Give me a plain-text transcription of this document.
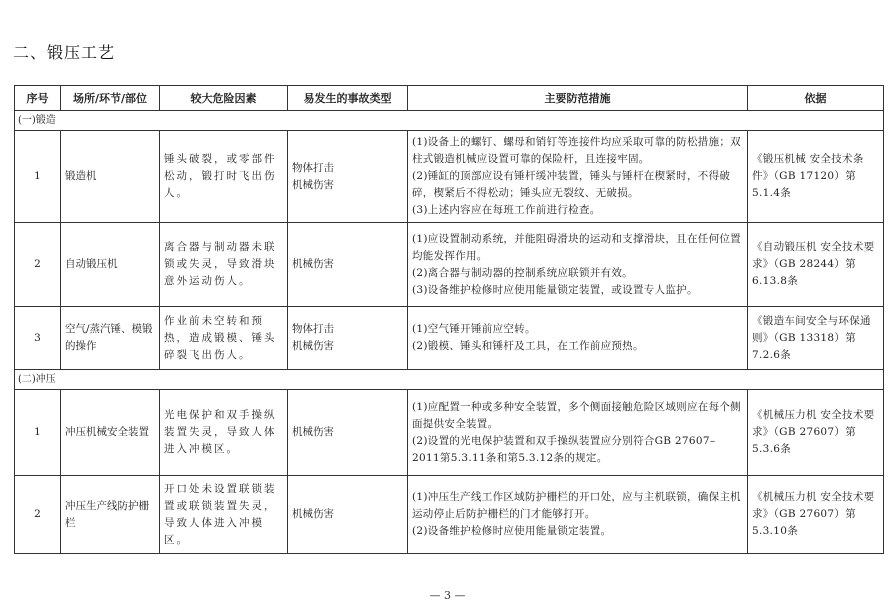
二、锻压工艺
序号	场所/环节/部位	较大危险因素	易发生的事故类型	主要防范措施	依据
(一)锻造					
1	锻造机	锤头破裂，或零部件松动，锻打时飞出伤人。	物体打击
机械伤害	(1)设备上的螺钉、螺母和销钉等连接件均应采取可靠的防松措施；双柱式锻造机械应设置可靠的保险杆，且连接牢固。
(2)锤缸的顶部应设有锤杆缓冲装置，锤头与锤杆在楔紧时，不得破碎，楔紧后不得松动；锤头应无裂纹、无破损。
(3)上述内容应在每班工作前进行检查。	《锻压机械 安全技术条件》（GB 17120）第5.1.4条
2	自动锻压机	离合器与制动器未联锁或失灵，导致滑块意外运动伤人。	机械伤害	(1)应设置制动系统，并能阻碍滑块的运动和支撑滑块，且在任何位置均能发挥作用。
(2)离合器与制动器的控制系统应联锁并有效。
(3)设备维护检修时应使用能量锁定装置，或设置专人监护。	《自动锻压机 安全技术要求》（GB 28244）第6.13.8条
3	空气/蒸汽锤、模锻的操作	作业前未空转和预热，造成锻模、锤头碎裂飞出伤人。	物体打击
机械伤害	(1)空气锤开锤前应空转。
(2)锻模、锤头和锤杆及工具，在工作前应预热。	《锻造车间安全与环保通则》（GB 13318）第7.2.6条
(二)冲压					
1	冲压机械安全装置	光电保护和双手操纵装置失灵，导致人体进入冲模区。	机械伤害	(1)应配置一种或多种安全装置，多个侧面接触危险区域则应在每个侧面提供安全装置。
(2)设置的光电保护装置和双手操纵装置应分别符合GB 27607–2011第5.3.11条和第5.3.12条的规定。	《机械压力机 安全技术要求》（GB 27607）第5.3.6条
2	冲压生产线防护栅栏	开口处未设置联锁装置或联锁装置失灵，导致人体进入冲模区。	机械伤害	(1)冲压生产线工作区域防护栅栏的开口处，应与主机联锁，确保主机运动停止后防护栅栏的门才能够打开。
(2)设备维护检修时应使用能量锁定装置。	《机械压力机 安全技术要求》（GB 27607）第5.3.10条
— 3 —
